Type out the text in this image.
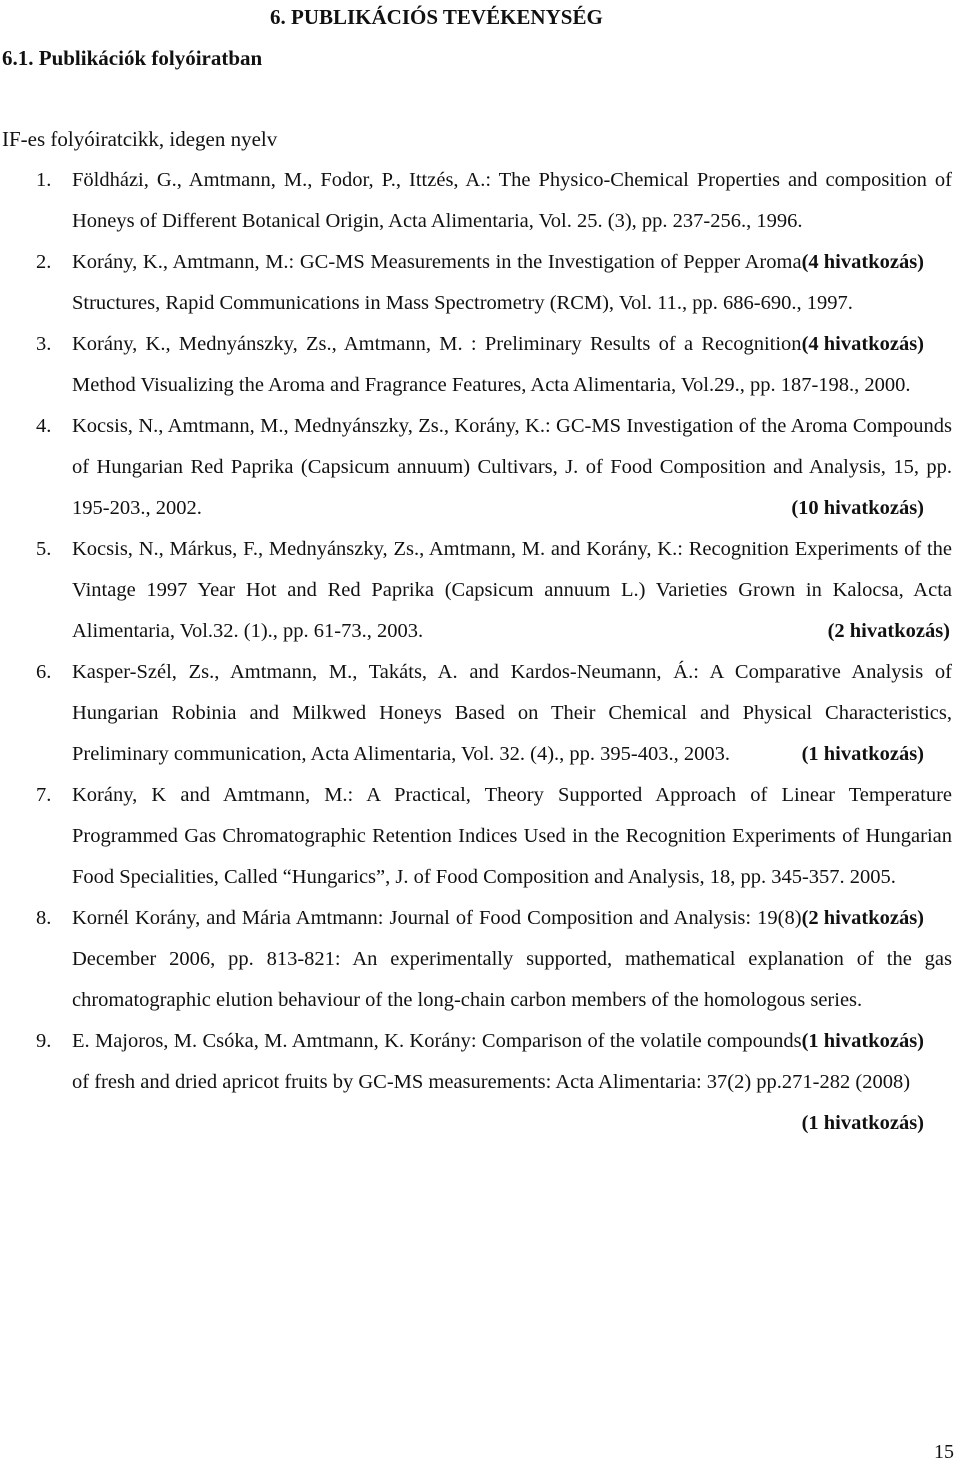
6. PUBLIKÁCIÓS TEVÉKENYSÉG
6.1. Publikációk folyóiratban
IF-es folyóiratcikk, idegen nyelv
1. Földházi, G., Amtmann, M., Fodor, P., Ittzés, A.: The Physico-Chemical Properties and composition of Honeys of Different Botanical Origin, Acta Alimentaria, Vol. 25. (3), pp. 237-256., 1996.
(4 hivatkozás)
2. Korány, K., Amtmann, M.: GC-MS Measurements in the Investigation of Pepper Aroma Structures, Rapid Communications in Mass Spectrometry (RCM), Vol. 11., pp. 686-690., 1997.
(4 hivatkozás)
3. Korány, K., Mednyánszky, Zs., Amtmann, M. : Preliminary Results of a Recognition Method Visualizing the Aroma and Fragrance Features, Acta Alimentaria, Vol.29., pp. 187-198., 2000.
4. Kocsis, N., Amtmann, M., Mednyánszky, Zs., Korány, K.: GC-MS Investigation of the Aroma Compounds of Hungarian Red Paprika (Capsicum annuum) Cultivars, J. of Food Composition and Analysis, 15, pp. 195-203., 2002.	(10 hivatkozás)
5. Kocsis, N., Márkus, F., Mednyánszky, Zs., Amtmann, M. and Korány, K.: Recognition Experiments of the Vintage 1997 Year Hot and Red Paprika (Capsicum annuum L.) Varieties Grown in Kalocsa, Acta Alimentaria, Vol.32. (1)., pp. 61-73., 2003.	(2 hivatkozás)
6. Kasper-Szél, Zs., Amtmann, M., Takáts, A. and Kardos-Neumann, Á.: A Comparative Analysis of Hungarian Robinia and Milkwed Honeys Based on Their Chemical and Physical Characteristics, Preliminary communication, Acta Alimentaria, Vol. 32. (4)., pp. 395-403., 2003.	(1 hivatkozás)
7. Korány, K and Amtmann, M.: A Practical, Theory Supported Approach of Linear Temperature Programmed Gas Chromatographic Retention Indices Used in the Recognition Experiments of Hungarian Food Specialities, Called “Hungarics”, J. of Food Composition and Analysis, 18, pp. 345-357. 2005.
(2 hivatkozás)
8. Kornél Korány, and Mária Amtmann: Journal of Food Composition and Analysis: 19(8) December 2006, pp. 813-821: An experimentally supported, mathematical explanation of the gas chromatographic elution behaviour of the long-chain carbon members of the homologous series.
(1 hivatkozás)
9. E. Majoros, M. Csóka, M. Amtmann, K. Korány: Comparison of the volatile compounds of fresh and dried apricot fruits by GC-MS measurements: Acta Alimentaria: 37(2) pp.271-282 (2008)
(1 hivatkozás)
15
